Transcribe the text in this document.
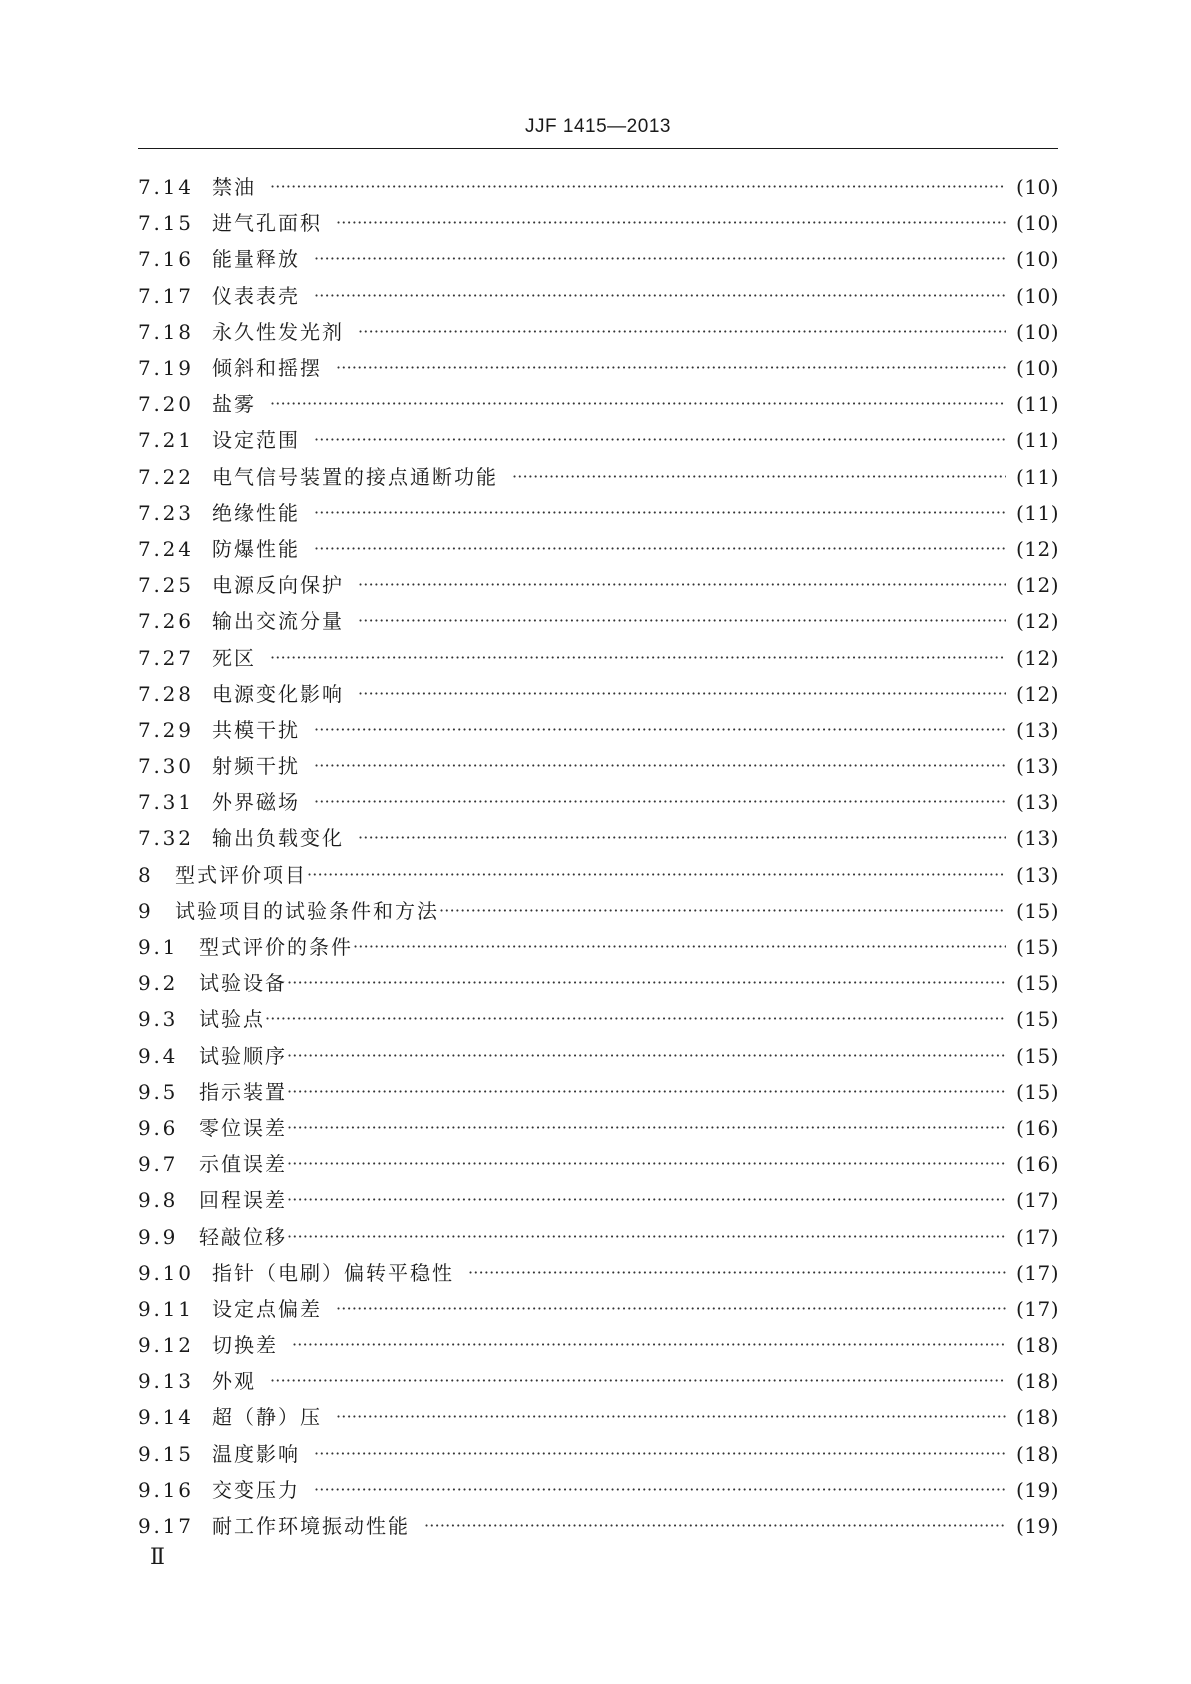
JJF 1415—2013
7.14 禁油 ·····	(10)
7.15 进气孔面积 ·····	(10)
7.16 能量释放 ·····	(10)
7.17 仪表表壳 ·····	(10)
7.18 永久性发光剂 ·····	(10)
7.19 倾斜和摇摆 ·····	(10)
7.20 盐雾 ·····	(11)
7.21 设定范围 ·····	(11)
7.22 电气信号装置的接点通断功能 ·····	(11)
7.23 绝缘性能 ·····	(11)
7.24 防爆性能 ·····	(12)
7.25 电源反向保护 ·····	(12)
7.26 输出交流分量 ·····	(12)
7.27 死区 ·····	(12)
7.28 电源变化影响 ·····	(12)
7.29 共模干扰 ·····	(13)
7.30 射频干扰 ·····	(13)
7.31 外界磁场 ·····	(13)
7.32 输出负载变化 ·····	(13)
8	型式评价项目 ·····	(13)
9	试验项目的试验条件和方法 ·····	(15)
9.1	型式评价的条件 ·····	(15)
9.2	试验设备 ·····	(15)
9.3	试验点 ·····	(15)
9.4	试验顺序 ·····	(15)
9.5	指示装置 ·····	(15)
9.6	零位误差 ·····	(16)
9.7	示值误差 ·····	(16)
9.8	回程误差 ·····	(17)
9.9	轻敲位移 ·····	(17)
9.10 指针（电刷）偏转平稳性 ·····	(17)
9.11 设定点偏差 ·····	(17)
9.12 切换差 ·····	(18)
9.13 外观 ·····	(18)
9.14 超（静）压 ·····	(18)
9.15 温度影响 ·····	(18)
9.16 交变压力 ·····	(19)
9.17 耐工作环境振动性能 ·····	(19)
Ⅱ
